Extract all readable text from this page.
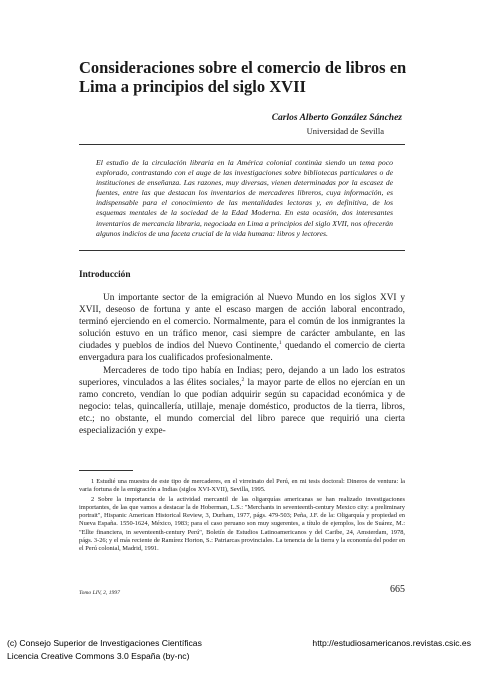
Consideraciones sobre el comercio de libros en Lima a principios del siglo XVII
Carlos Alberto González Sánchez
Universidad de Sevilla
El estudio de la circulación libraria en la América colonial continúa siendo un tema poco explorado, contrastando con el auge de las investigaciones sobre bibliotecas particulares o de instituciones de enseñanza. Las razones, muy diversas, vienen determinadas por la escasez de fuentes, entre las que destacan los inventarios de mercaderes libreros, cuya información, es indispensable para el conocimiento de las mentalidades lectoras y, en definitiva, de los esquemas mentales de la sociedad de la Edad Moderna. En esta ocasión, dos interesantes inventarios de mercancía libraria, negociada en Lima a principios del siglo XVII, nos ofrecerán algunos indicios de una faceta crucial de la vida humana: libros y lectores.
Introducción

Un importante sector de la emigración al Nuevo Mundo en los siglos XVI y XVII, deseoso de fortuna y ante el escaso margen de acción laboral encontrado, terminó ejerciendo en el comercio. Normalmente, para el común de los inmigrantes la solución estuvo en un tráfico menor, casi siempre de carácter ambulante, en las ciudades y pueblos de indios del Nuevo Continente,$^1$ quedando el comercio de cierta envergadura para los cualificados profesionalmente.

Mercaderes de todo tipo había en Indias; pero, dejando a un lado los estratos superiores, vinculados a las élites sociales,$^2$ la mayor parte de ellos no ejercían en un ramo concreto, vendían lo que podían adquirir según su capacidad económica y de negocio: telas, quincallería, utillaje, menaje doméstico, productos de la tierra, libros, etc.; no obstante, el mundo comercial del libro parece que requirió una cierta especialización y expe-

1 Estudié una muestra de este tipo de mercaderes, en el virreinato del Perú, en mi tesis doctoral: Dineros de ventura: la varia fortuna de la emigración a Indias (siglos XVI-XVII), Sevilla, 1995.

2 Sobre la importancia de la actividad mercantil de las oligarquías americanas se han realizado investigaciones importantes, de las que vamos a destacar la de Hoberman, L.S.: "Merchants in seventeenth-century Mexico city: a preliminary portrait", Hispanic American Historical Review, 3, Durham, 1977, págs. 479-503; Peña, J.F. de la: Oligarquía y propiedad en Nueva España. 1550-1624, México, 1983; para el caso peruano son muy sugerentes, a título de ejemplos, los de Suárez, M.: "Ellte financiera, in seventeenth-century Perú", Boletín de Estudios Latinoamericanos y del Caribe, 24, Amsterdam, 1978, págs. 3-26; y el más reciente de Ramírez Horton, S.: Patriarcas provinciales. La tenencia de la tierra y la economía del poder en el Perú colonial, Madrid, 1991.

Tomo LIV, 2, 1997	665
(c) Consejo Superior de Investigaciones Científicas
Licencia Creative Commons 3.0 España (by-nc)
http://estudiosamericanos.revistas.csic.es
